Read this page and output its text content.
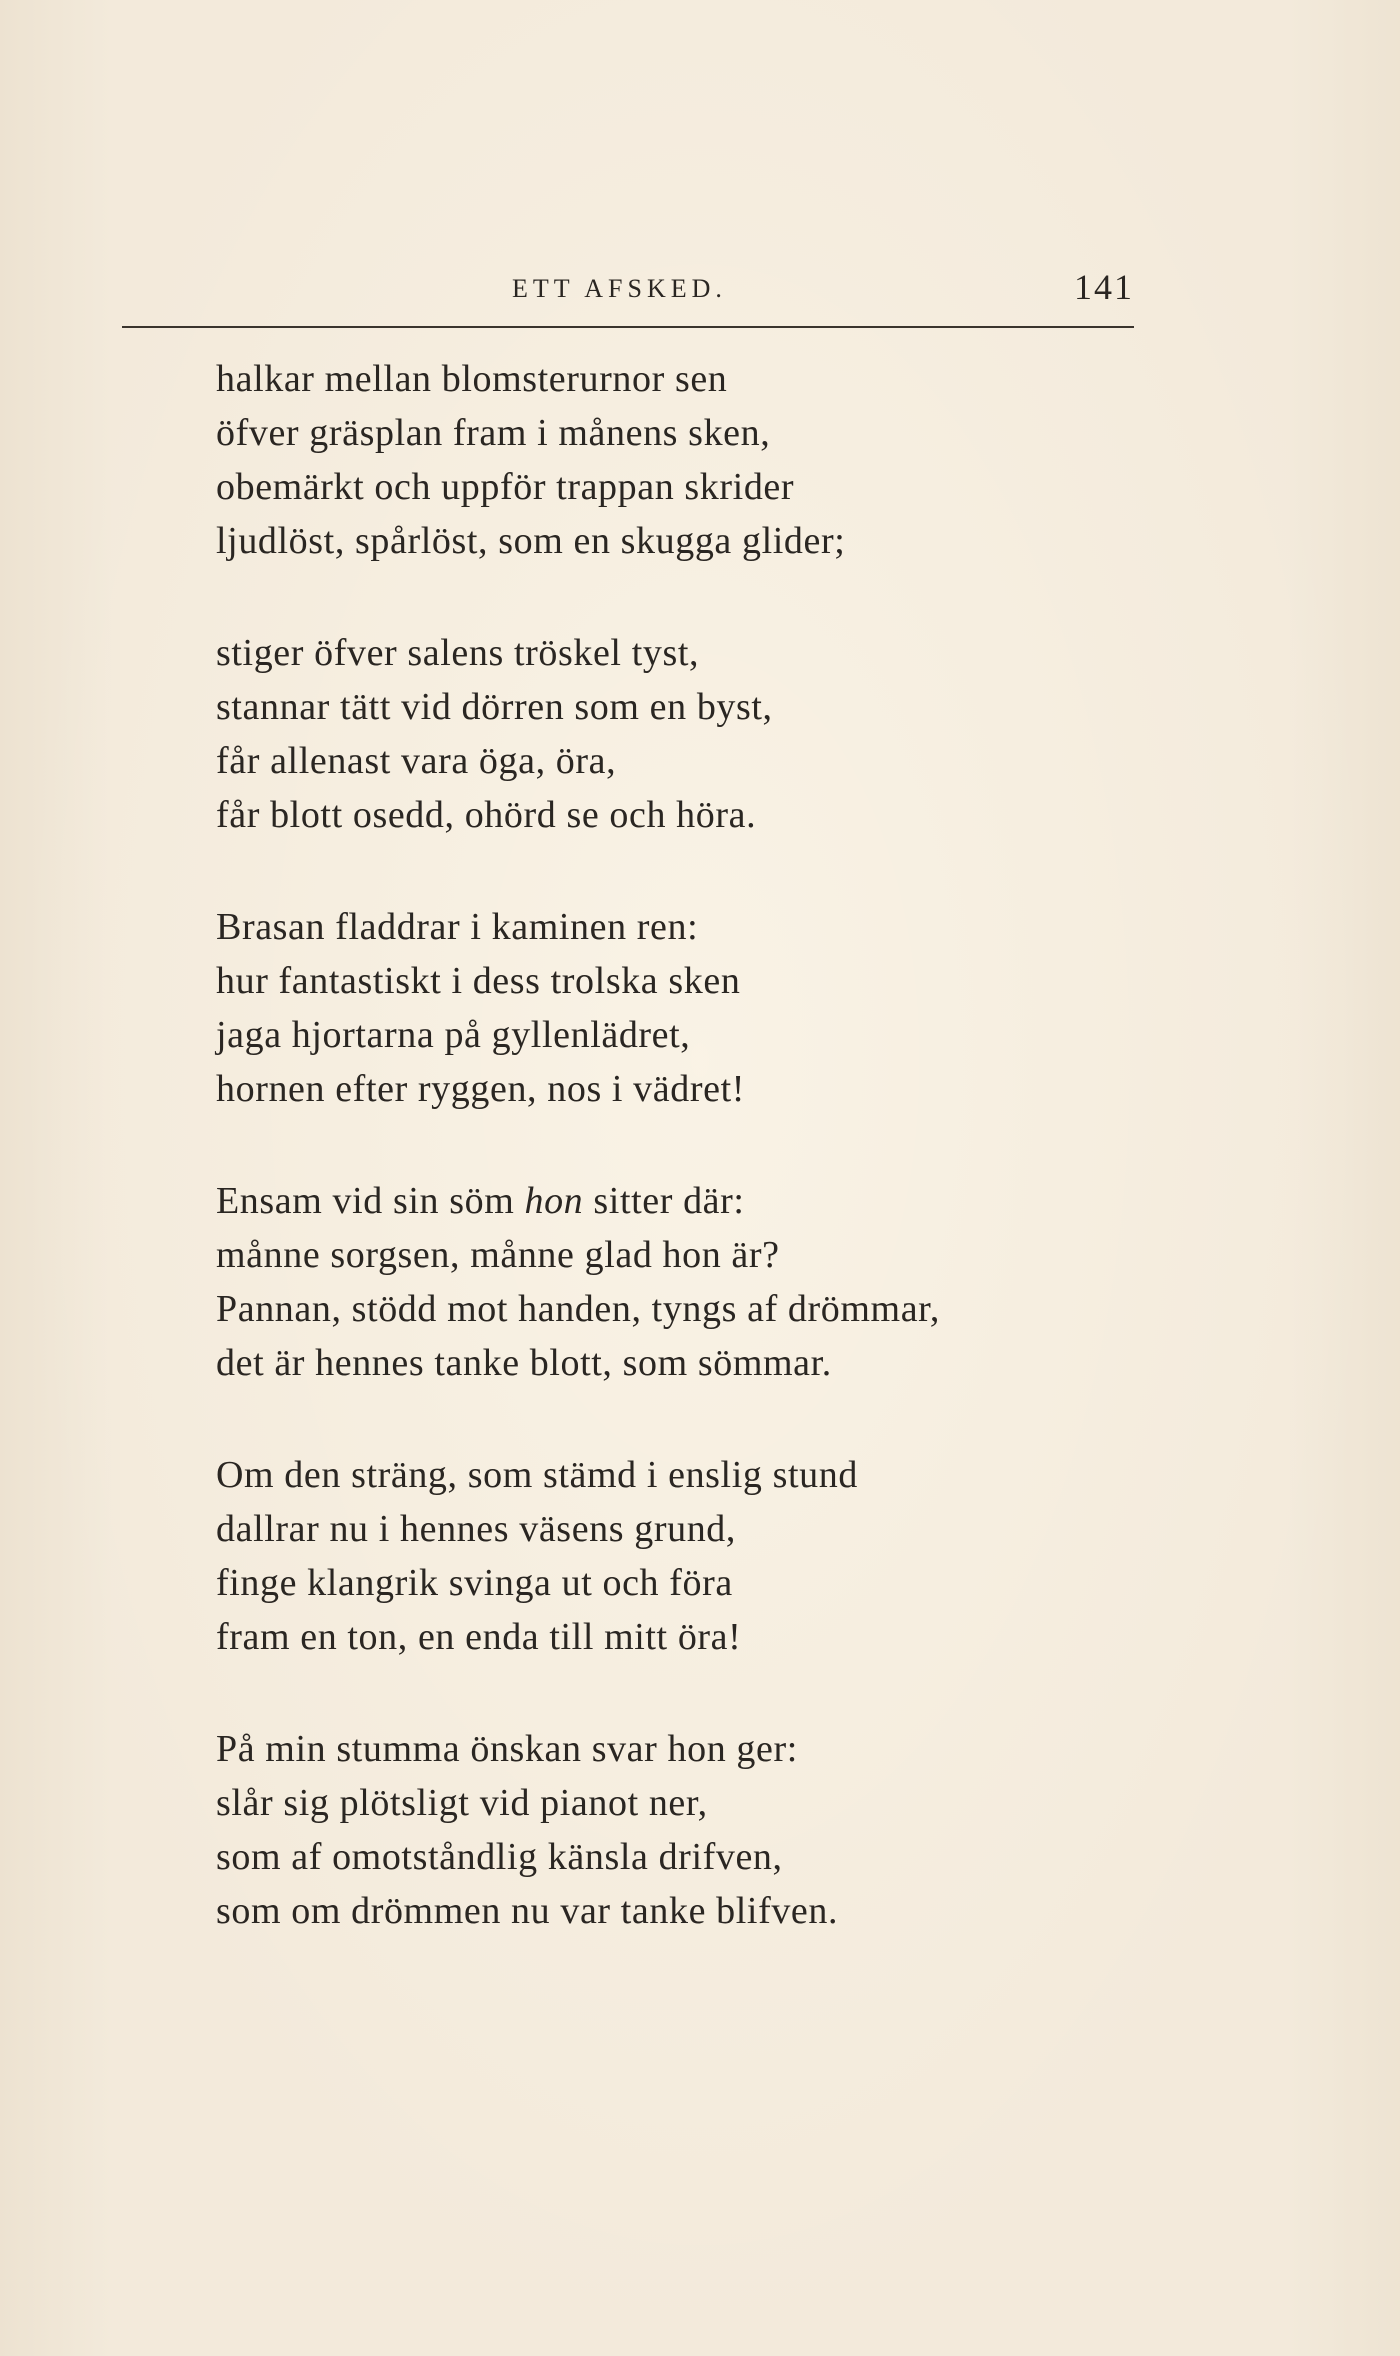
ETT AFSKED.	141
halkar mellan blomsterurnor sen
öfver gräsplan fram i månens sken,
obemärkt och uppför trappan skrider
ljudlöst, spårlöst, som en skugga glider;
stiger öfver salens tröskel tyst,
stannar tätt vid dörren som en byst,
får allenast vara öga, öra,
får blott osedd, ohörd se och höra.
Brasan fladdrar i kaminen ren:
hur fantastiskt i dess trolska sken
jaga hjortarna på gyllenlädret,
hornen efter ryggen, nos i vädret!
Ensam vid sin söm hon sitter där:
månne sorgsen, månne glad hon är?
Pannan, stödd mot handen, tyngs af drömmar,
det är hennes tanke blott, som sömmar.
Om den sträng, som stämd i enslig stund
dallrar nu i hennes väsens grund,
finge klangrik svinga ut och föra
fram en ton, en enda till mitt öra!
På min stumma önskan svar hon ger:
slår sig plötsligt vid pianot ner,
som af omotståndlig känsla drifven,
som om drömmen nu var tanke blifven.
